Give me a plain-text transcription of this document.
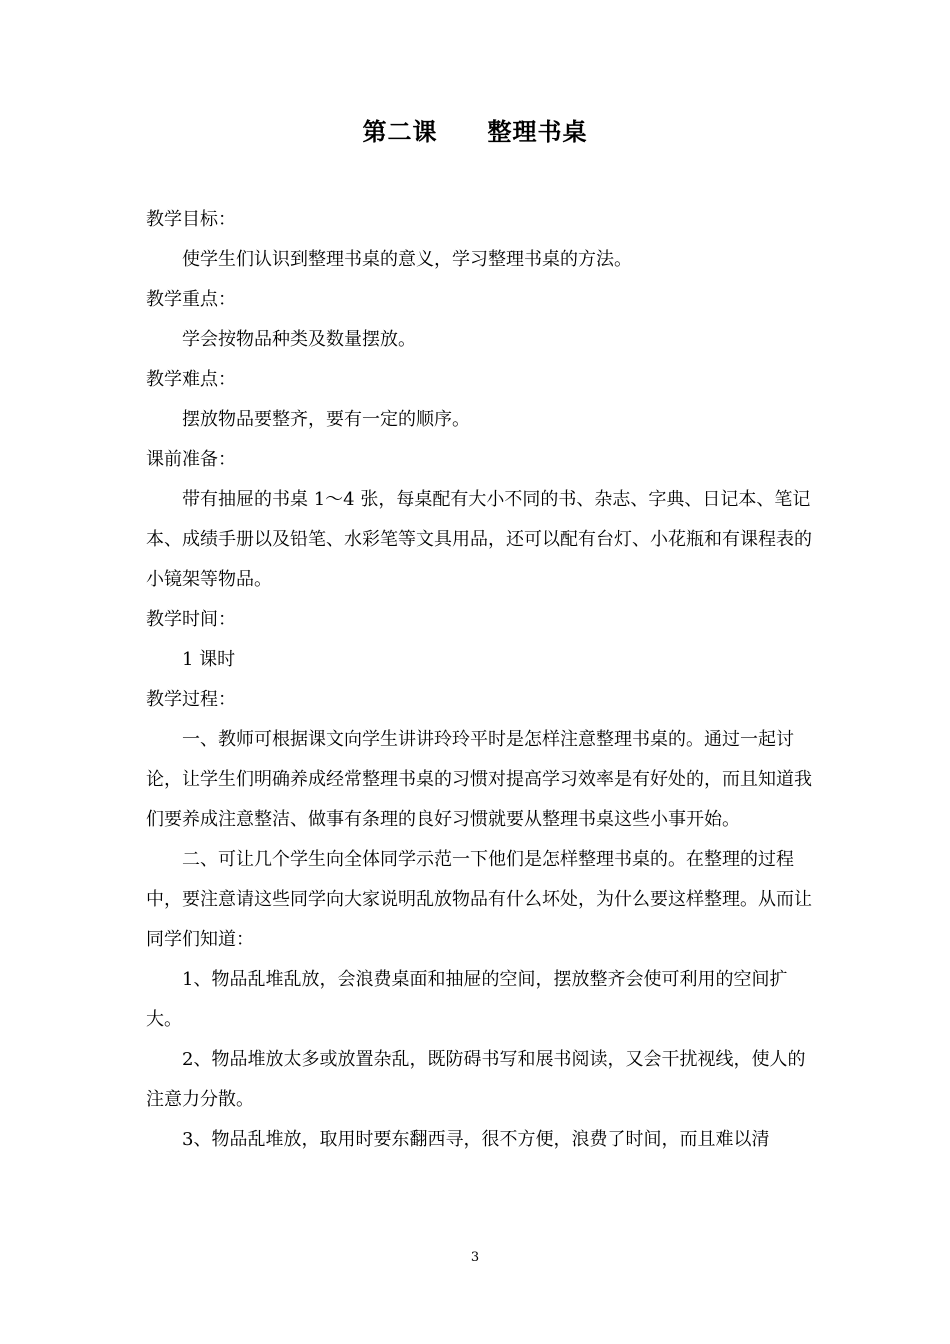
第二课　　整理书桌

教学目标：

使学生们认识到整理书桌的意义，学习整理书桌的方法。

教学重点：

学会按物品种类及数量摆放。

教学难点：

摆放物品要整齐，要有一定的顺序。

课前准备：

带有抽屉的书桌 1～4 张，每桌配有大小不同的书、杂志、字典、日记本、笔记本、成绩手册以及铅笔、水彩笔等文具用品，还可以配有台灯、小花瓶和有课程表的小镜架等物品。

教学时间：

1 课时

教学过程：

一、教师可根据课文向学生讲讲玲玲平时是怎样注意整理书桌的。通过一起讨论，让学生们明确养成经常整理书桌的习惯对提高学习效率是有好处的，而且知道我们要养成注意整洁、做事有条理的良好习惯就要从整理书桌这些小事开始。

二、可让几个学生向全体同学示范一下他们是怎样整理书桌的。在整理的过程中，要注意请这些同学向大家说明乱放物品有什么坏处，为什么要这样整理。从而让同学们知道：

1、物品乱堆乱放，会浪费桌面和抽屉的空间，摆放整齐会使可利用的空间扩大。

2、物品堆放太多或放置杂乱，既防碍书写和展书阅读，又会干扰视线，使人的注意力分散。

3、物品乱堆放，取用时要东翻西寻，很不方便，浪费了时间，而且难以清

3
